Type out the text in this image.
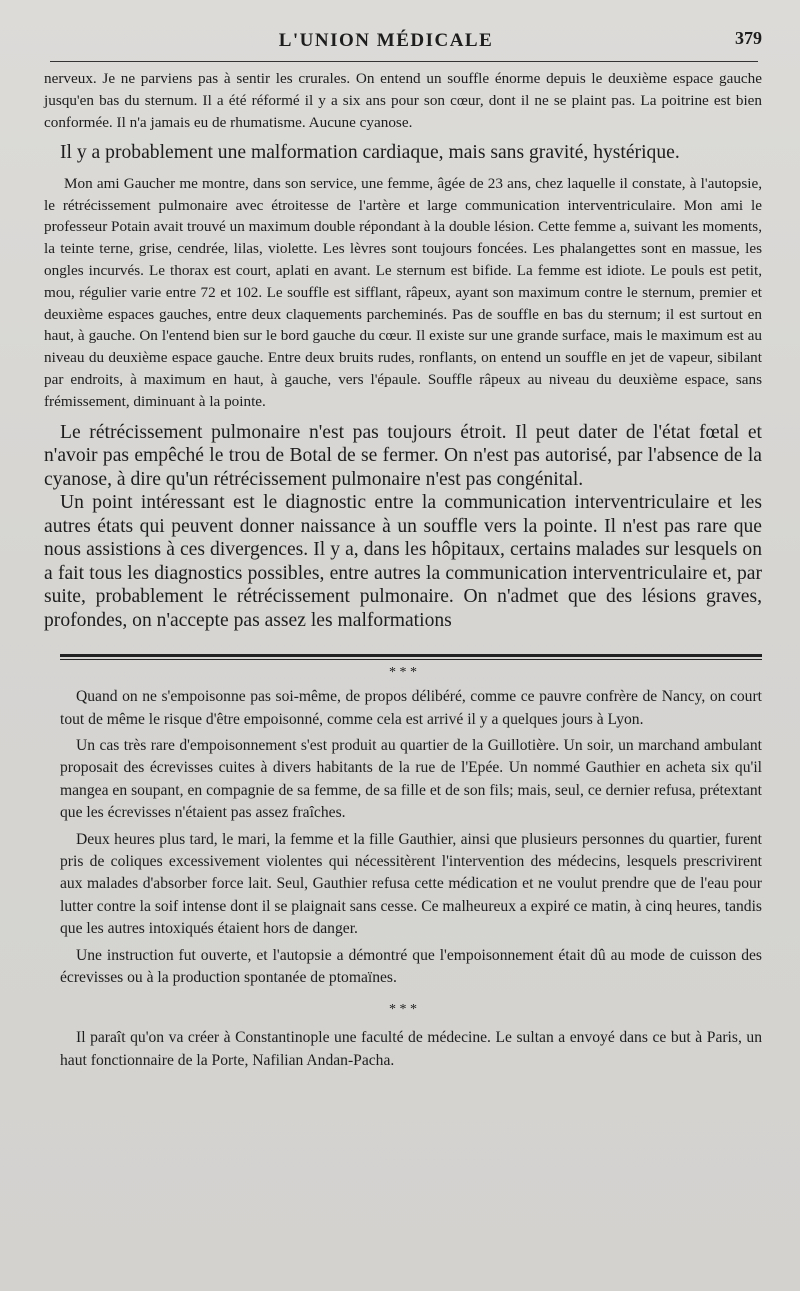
L'UNION MÉDICALE	379

nerveux. Je ne parviens pas à sentir les crurales. On entend un souffle énorme depuis le deuxième espace gauche jusqu'en bas du sternum. Il a été réformé il y a six ans pour son cœur, dont il ne se plaint pas. La poitrine est bien conformée. Il n'a jamais eu de rhumatisme. Aucune cyanose.

Il y a probablement une malformation cardiaque, mais sans gravité, hystérique.

Mon ami Gaucher me montre, dans son service, une femme, âgée de 23 ans, chez laquelle il constate, à l'autopsie, le rétrécissement pulmonaire avec étroitesse de l'artère et large communication interventriculaire. Mon ami le professeur Potain avait trouvé un maximum double répondant à la double lésion. Cette femme a, suivant les moments, la teinte terne, grise, cendrée, lilas, violette. Les lèvres sont toujours foncées. Les phalangettes sont en massue, les ongles incurvés. Le thorax est court, aplati en avant. Le sternum est bifide. La femme est idiote. Le pouls est petit, mou, régulier varie entre 72 et 102. Le souffle est sifflant, râpeux, ayant son maximum contre le sternum, premier et deuxième espaces gauches, entre deux claquements parcheminés. Pas de souffle en bas du sternum; il est surtout en haut, à gauche. On l'entend bien sur le bord gauche du cœur. Il existe sur une grande surface, mais le maximum est au niveau du deuxième espace gauche. Entre deux bruits rudes, ronflants, on entend un souffle en jet de vapeur, sibilant par endroits, à maximum en haut, à gauche, vers l'épaule. Souffle râpeux au niveau du deuxième espace, sans frémissement, diminuant à la pointe.

Le rétrécissement pulmonaire n'est pas toujours étroit. Il peut dater de l'état fœtal et n'avoir pas empêché le trou de Botal de se fermer. On n'est pas autorisé, par l'absence de la cyanose, à dire qu'un rétrécissement pulmonaire n'est pas congénital.

Un point intéressant est le diagnostic entre la communication interventriculaire et les autres états qui peuvent donner naissance à un souffle vers la pointe. Il n'est pas rare que nous assistions à ces divergences. Il y a, dans les hôpitaux, certains malades sur lesquels on a fait tous les diagnostics possibles, entre autres la communication interventriculaire et, par suite, probablement le rétrécissement pulmonaire. On n'admet que des lésions graves, profondes, on n'accepte pas assez les malformations

* * *

Quand on ne s'empoisonne pas soi-même, de propos délibéré, comme ce pauvre confrère de Nancy, on court tout de même le risque d'être empoisonné, comme cela est arrivé il y a quelques jours à Lyon.

Un cas très rare d'empoisonnement s'est produit au quartier de la Guillotière. Un soir, un marchand ambulant proposait des écrevisses cuites à divers habitants de la rue de l'Epée. Un nommé Gauthier en acheta six qu'il mangea en soupant, en compagnie de sa femme, de sa fille et de son fils; mais, seul, ce dernier refusa, prétextant que les écrevisses n'étaient pas assez fraîches.

Deux heures plus tard, le mari, la femme et la fille Gauthier, ainsi que plusieurs personnes du quartier, furent pris de coliques excessivement violentes qui nécessitèrent l'intervention des médecins, lesquels prescrivirent aux malades d'absorber force lait. Seul, Gauthier refusa cette médication et ne voulut prendre que de l'eau pour lutter contre la soif intense dont il se plaignait sans cesse. Ce malheureux a expiré ce matin, à cinq heures, tandis que les autres intoxiqués étaient hors de danger.

Une instruction fut ouverte, et l'autopsie a démontré que l'empoisonnement était dû au mode de cuisson des écrevisses ou à la production spontanée de ptomaïnes.

* * *

Il paraît qu'on va créer à Constantinople une faculté de médecine. Le sultan a envoyé dans ce but à Paris, un haut fonctionnaire de la Porte, Nafilian Andan-Pacha.
